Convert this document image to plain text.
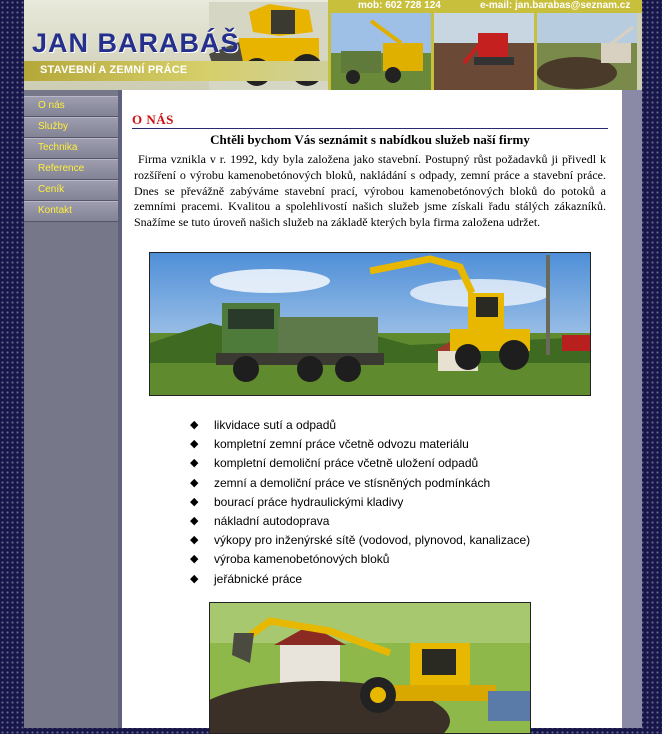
JAN BARABÁŠ
STAVEBNÍ A ZEMNÍ PRÁCE
mob: 602 728 124	e-mail: jan.barabas@seznam.cz
O nás
Služby
Technika
Reference
Ceník
Kontakt
O NÁS
Chtěli bychom Vás seznámit s nabídkou služeb naší firmy
Firma vznikla v r. 1992, kdy byla založena jako stavební. Postupný růst požadavků ji přivedl k rozšíření o výrobu kamenobetónových bloků, nakládání s odpady, zemní práce a stavební práce. Dnes se převážně zabýváme stavební prací, výrobou kamenobetónových bloků do potoků a zemními pracemi. Kvalitou a spolehlivostí našich služeb jsme získali řadu stálých zákazníků. Snažíme se tuto úroveň našich služeb na základě kterých byla firma založena udržet.
◆ likvidace sutí a odpadů
◆ kompletní zemní práce včetně odvozu materiálu
◆ kompletní demoliční práce včetně uložení odpadů
◆ zemní a demoliční práce ve stísněných podmínkách
◆ bourací práce hydraulickými kladivy
◆ nákladní autodoprava
◆ výkopy pro inženýrské sítě (vodovod, plynovod, kanalizace)
◆ výroba kamenobetónových bloků
◆ jeřábnické práce
